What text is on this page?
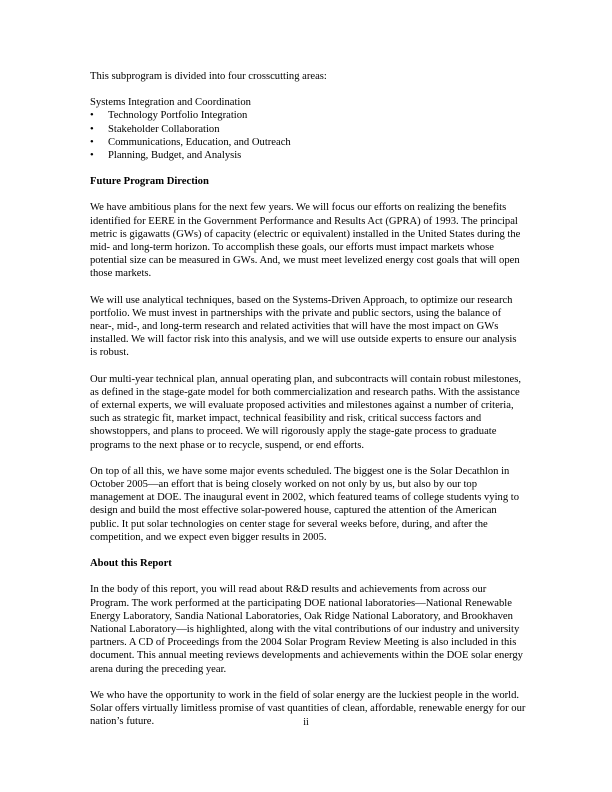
This subprogram is divided into four crosscutting areas:

Systems Integration and Coordination

• Technology Portfolio Integration
• Stakeholder Collaboration
• Communications, Education, and Outreach
• Planning, Budget, and Analysis
Future Program Direction

We have ambitious plans for the next few years. We will focus our efforts on realizing the benefits identified for EERE in the Government Performance and Results Act (GPRA) of 1993. The principal metric is gigawatts (GWs) of capacity (electric or equivalent) installed in the United States during the mid- and long-term horizon. To accomplish these goals, our efforts must impact markets whose potential size can be measured in GWs. And, we must meet levelized energy cost goals that will open those markets.

We will use analytical techniques, based on the Systems-Driven Approach, to optimize our research portfolio. We must invest in partnerships with the private and public sectors, using the balance of near-, mid-, and long-term research and related activities that will have the most impact on GWs installed. We will factor risk into this analysis, and we will use outside experts to ensure our analysis is robust.

Our multi-year technical plan, annual operating plan, and subcontracts will contain robust milestones, as defined in the stage-gate model for both commercialization and research paths. With the assistance of external experts, we will evaluate proposed activities and milestones against a number of criteria, such as strategic fit, market impact, technical feasibility and risk, critical success factors and showstoppers, and plans to proceed. We will rigorously apply the stage-gate process to graduate programs to the next phase or to recycle, suspend, or end efforts.

On top of all this, we have some major events scheduled. The biggest one is the Solar Decathlon in October 2005—an effort that is being closely worked on not only by us, but also by our top management at DOE. The inaugural event in 2002, which featured teams of college students vying to design and build the most effective solar-powered house, captured the attention of the American public. It put solar technologies on center stage for several weeks before, during, and after the competition, and we expect even bigger results in 2005.

About this Report

In the body of this report, you will read about R&D results and achievements from across our Program. The work performed at the participating DOE national laboratories—National Renewable Energy Laboratory, Sandia National Laboratories, Oak Ridge National Laboratory, and Brookhaven National Laboratory—is highlighted, along with the vital contributions of our industry and university partners. A CD of Proceedings from the 2004 Solar Program Review Meeting is also included in this document. This annual meeting reviews developments and achievements within the DOE solar energy arena during the preceding year.

We who have the opportunity to work in the field of solar energy are the luckiest people in the world. Solar offers virtually limitless promise of vast quantities of clean, affordable, renewable energy for our nation’s future.	ii
